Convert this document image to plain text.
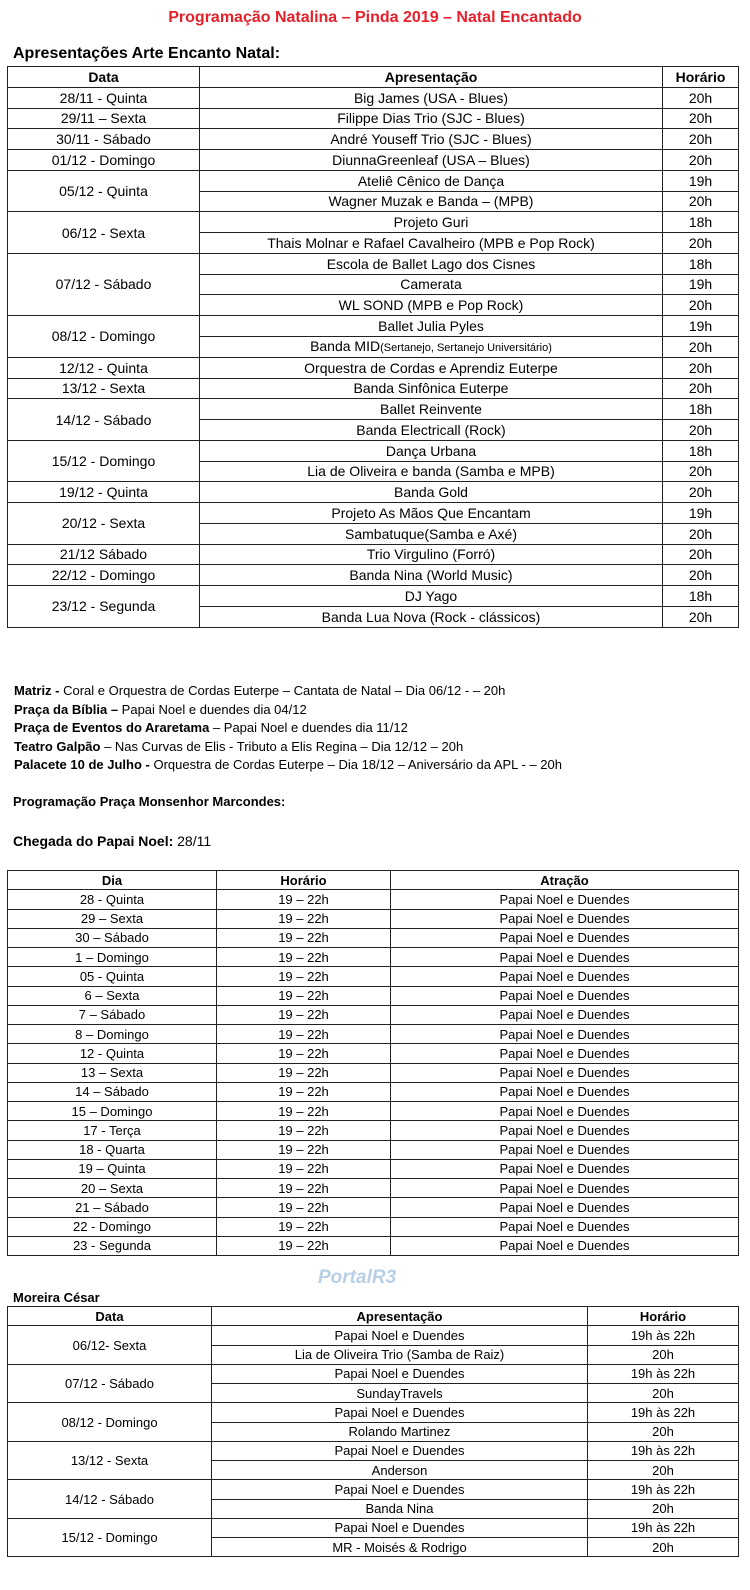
Programação Natalina – Pinda 2019 – Natal Encantado
Apresentações Arte Encanto Natal:
Data	Apresentação	Horário
28/11 - Quinta	Big James (USA - Blues)	20h
29/11 – Sexta	Filippe Dias Trio (SJC - Blues)	20h
30/11 - Sábado	André Youseff Trio (SJC - Blues)	20h
01/12 - Domingo	DiunnaGreenleaf (USA – Blues)	20h
05/12 - Quinta	Ateliê Cênico de Dança	19h
	Wagner Muzak e Banda – (MPB)	20h
06/12 - Sexta	Projeto Guri	18h
	Thais Molnar e Rafael Cavalheiro (MPB e Pop Rock)	20h
07/12 - Sábado	Escola de Ballet Lago dos Cisnes	18h
	Camerata	19h
	WL SOND (MPB e Pop Rock)	20h
08/12 - Domingo	Ballet Julia Pyles	19h
	Banda MID(Sertanejo, Sertanejo Universitário)	20h
12/12 - Quinta	Orquestra de Cordas e Aprendiz Euterpe	20h
13/12 - Sexta	Banda Sinfônica Euterpe	20h
14/12 - Sábado	Ballet Reinvente	18h
	Banda Electricall (Rock)	20h
15/12 - Domingo	Dança Urbana	18h
	Lia de Oliveira e banda (Samba e MPB)	20h
19/12 - Quinta	Banda Gold	20h
20/12 - Sexta	Projeto As Mãos Que Encantam	19h
	Sambatuque(Samba e Axé)	20h
21/12 Sábado	Trio Virgulino (Forró)	20h
22/12 - Domingo	Banda Nina (World Music)	20h
23/12 - Segunda	DJ Yago	18h
	Banda Lua Nova (Rock - clássicos)	20h
Matriz - Coral e Orquestra de Cordas Euterpe – Cantata de Natal – Dia 06/12 - – 20h
Praça da Bíblia – Papai Noel e duendes dia 04/12
Praça de Eventos do Araretama – Papai Noel e duendes dia 11/12
Teatro Galpão – Nas Curvas de Elis - Tributo a Elis Regina – Dia 12/12 – 20h
Palacete 10 de Julho - Orquestra de Cordas Euterpe – Dia 18/12 – Aniversário da APL - – 20h
Programação Praça Monsenhor Marcondes:
Chegada do Papai Noel: 28/11
Dia	Horário	Atração
28 - Quinta	19 – 22h	Papai Noel e Duendes
29 – Sexta	19 – 22h	Papai Noel e Duendes
30 – Sábado	19 – 22h	Papai Noel e Duendes
1 – Domingo	19 – 22h	Papai Noel e Duendes
05 - Quinta	19 – 22h	Papai Noel e Duendes
6 – Sexta	19 – 22h	Papai Noel e Duendes
7 – Sábado	19 – 22h	Papai Noel e Duendes
8 – Domingo	19 – 22h	Papai Noel e Duendes
12 - Quinta	19 – 22h	Papai Noel e Duendes
13 – Sexta	19 – 22h	Papai Noel e Duendes
14 – Sábado	19 – 22h	Papai Noel e Duendes
15 – Domingo	19 – 22h	Papai Noel e Duendes
17 - Terça	19 – 22h	Papai Noel e Duendes
18 - Quarta	19 – 22h	Papai Noel e Duendes
19 – Quinta	19 – 22h	Papai Noel e Duendes
20 – Sexta	19 – 22h	Papai Noel e Duendes
21 – Sábado	19 – 22h	Papai Noel e Duendes
22 - Domingo	19 – 22h	Papai Noel e Duendes
23 - Segunda	19 – 22h	Papai Noel e Duendes
PortalR3
Moreira César
Data	Apresentação	Horário
06/12- Sexta	Papai Noel e Duendes	19h às 22h
	Lia de Oliveira Trio (Samba de Raiz)	20h
07/12 - Sábado	Papai Noel e Duendes	19h às 22h
	SundayTravels	20h
08/12 - Domingo	Papai Noel e Duendes	19h às 22h
	Rolando Martinez	20h
13/12 - Sexta	Papai Noel e Duendes	19h às 22h
	Anderson	20h
14/12 - Sábado	Papai Noel e Duendes	19h às 22h
	Banda Nina	20h
15/12 - Domingo	Papai Noel e Duendes	19h às 22h
	MR - Moisés & Rodrigo	20h
